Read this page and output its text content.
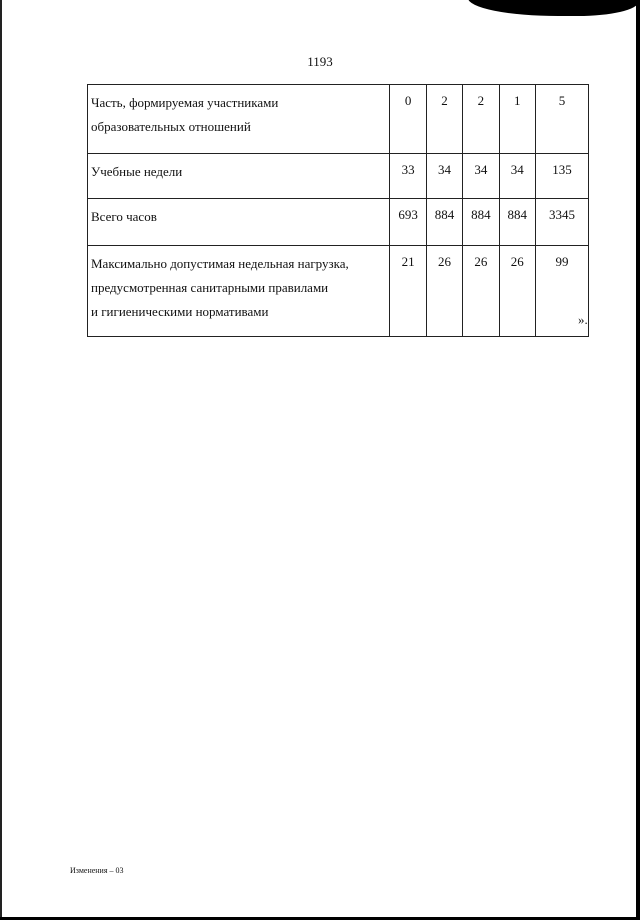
1193
Часть, формируемая участниками
образовательных отношений	0	2	2	1	5

Учебные недели	33	34	34	34	135

Всего часов	693	884	884	884	3345

Максимально допустимая недельная нагрузка,
предусмотренная санитарными правилами
и гигиеническими нормативами	21	26	26	26	99
».
Изменения – 03
